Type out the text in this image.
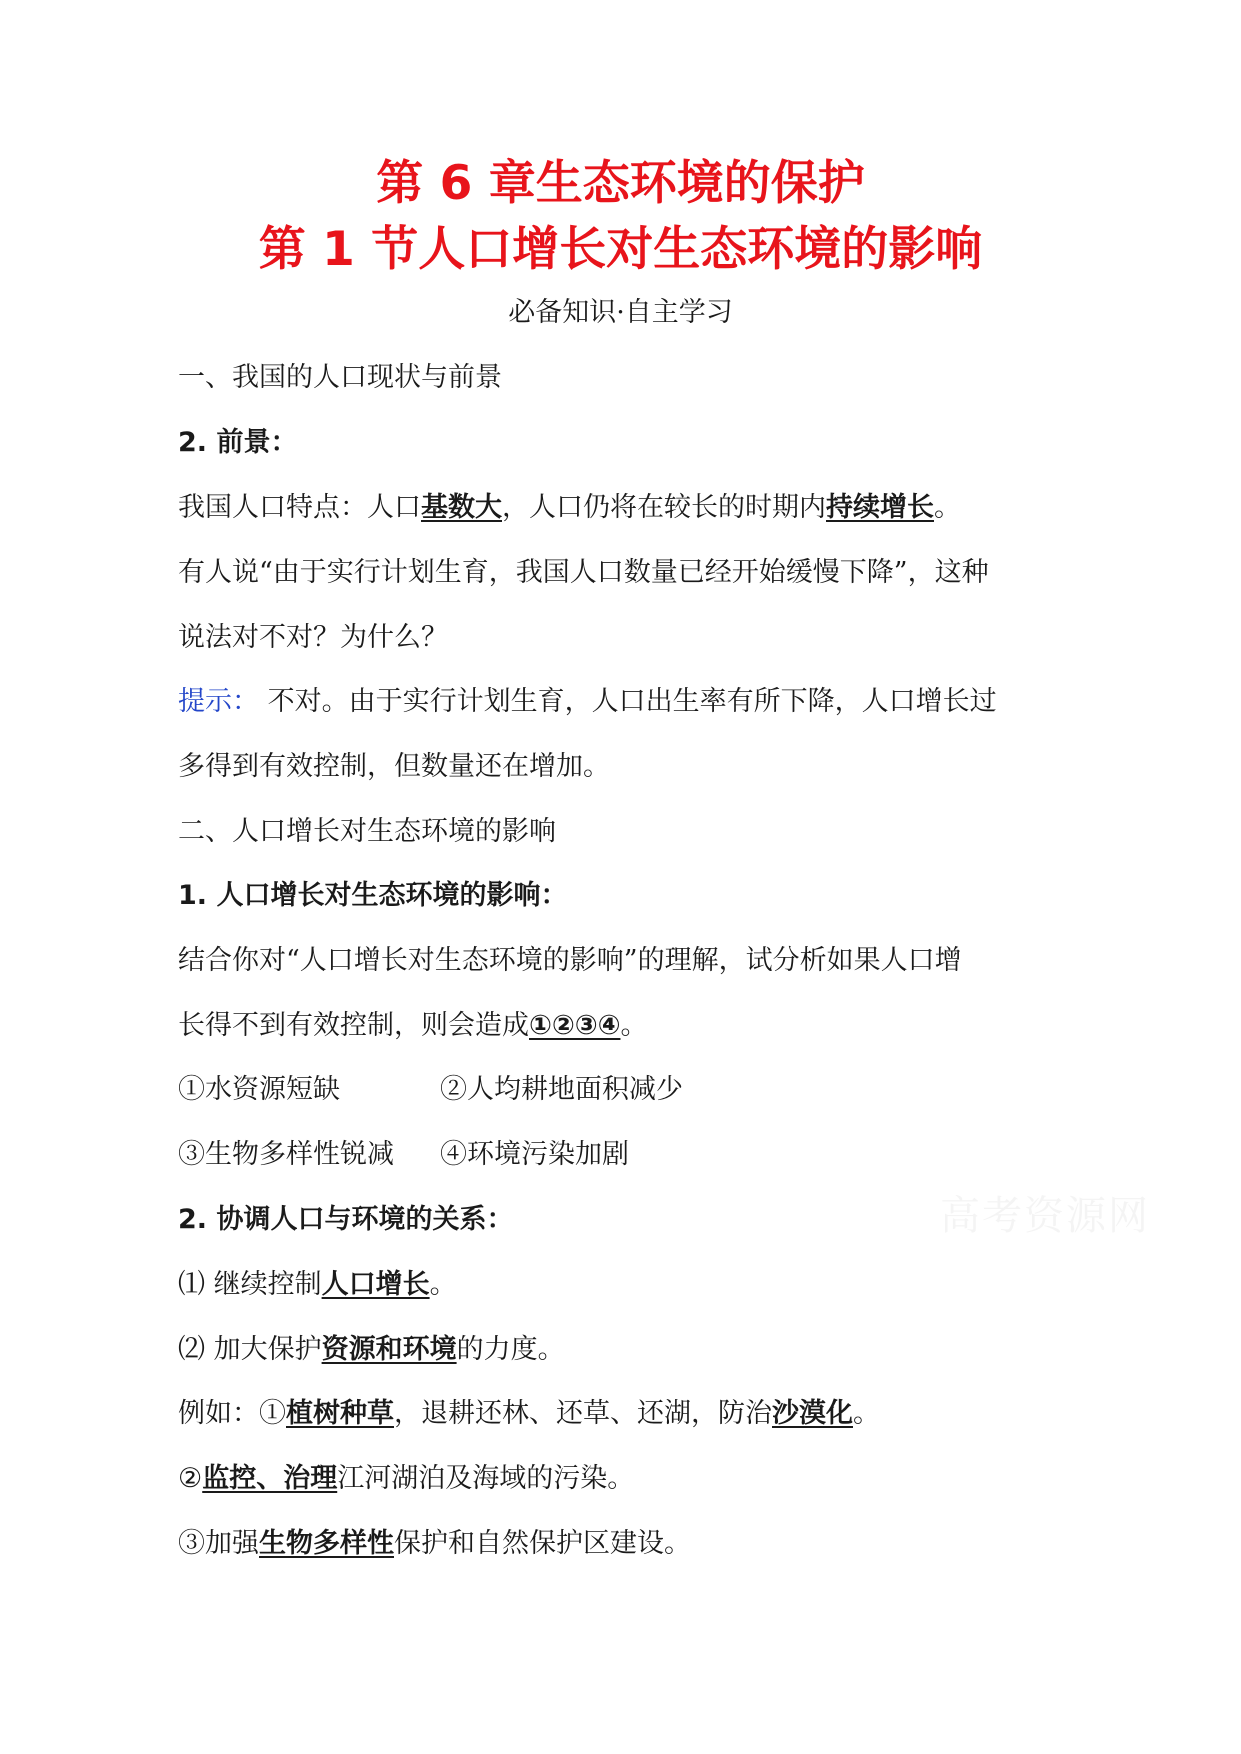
第 6 章生态环境的保护
第 1 节人口增长对生态环境的影响
必备知识·自主学习
一、我国的人口现状与前景
2. 前景：
我国人口特点：人口基数大，人口仍将在较长的时期内持续增长。
有人说“由于实行计划生育，我国人口数量已经开始缓慢下降”，这种
说法对不对？为什么？
提示： 不对。由于实行计划生育，人口出生率有所下降，人口增长过
多得到有效控制，但数量还在增加。
二、人口增长对生态环境的影响
1. 人口增长对生态环境的影响：
结合你对“人口增长对生态环境的影响”的理解，试分析如果人口增
长得不到有效控制，则会造成①②③④。
①水资源短缺	②人均耕地面积减少
③生物多样性锐减 ④环境污染加剧
2. 协调人口与环境的关系：
⑴ 继续控制人口增长。
⑵ 加大保护资源和环境的力度。
例如：①植树种草，退耕还林、还草、还湖，防治沙漠化。
②监控、治理江河湖泊及海域的污染。
③加强生物多样性保护和自然保护区建设。
高考资源网
